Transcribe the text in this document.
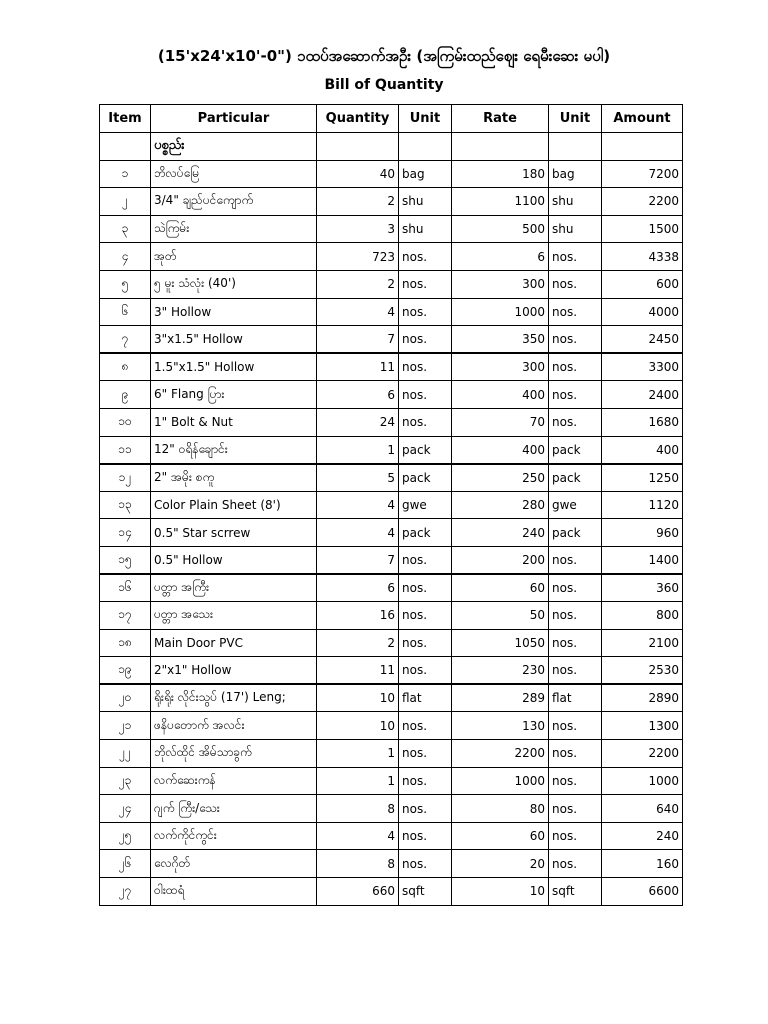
(15'x24'x10'-0") ၁ထပ်အဆောက်အဦး (အကြမ်းထည်ဈေး ရေမီးဆေး မပါ)
Bill of Quantity
Item	Particular	Quantity	Unit	Rate	Unit	Amount
	ပစ္စည်း					
၁	ဘိလပ်မြေ	40	bag	180	bag	7200
၂	3/4" ချည်ပင်ကျောက်	2	shu	1100	shu	2200
၃	သဲကြမ်း	3	shu	500	shu	1500
၄	အုတ်	723	nos.	6	nos.	4338
၅	၅ မူး သံလုံး (40')	2	nos.	300	nos.	600
၆	3" Hollow	4	nos.	1000	nos.	4000
၇	3"x1.5" Hollow	7	nos.	350	nos.	2450
၈	1.5"x1.5" Hollow	11	nos.	300	nos.	3300
၉	6" Flang ပြား	6	nos.	400	nos.	2400
၁၀	1" Bolt & Nut	24	nos.	70	nos.	1680
၁၁	12" ဝရိန်ချောင်း	1	pack	400	pack	400
၁၂	2" အမိုး စကူ	5	pack	250	pack	1250
၁၃	Color Plain Sheet (8')	4	gwe	280	gwe	1120
၁၄	0.5" Star scrrew	4	pack	240	pack	960
၁၅	0.5" Hollow	7	nos.	200	nos.	1400
၁၆	ပတ္တာ အကြီး	6	nos.	60	nos.	360
၁၇	ပတ္တာ အသေး	16	nos.	50	nos.	800
၁၈	Main Door PVC	2	nos.	1050	nos.	2100
၁၉	2"x1" Hollow	11	nos.	230	nos.	2530
၂၀	ရိုးရိုး လိုင်းသွပ် (17') Leng;	10	flat	289	flat	2890
၂၁	ဖနိပတောက် အလင်း	10	nos.	130	nos.	1300
၂၂	ဘိုလ်ထိုင် အိမ်သာခွက်	1	nos.	2200	nos.	2200
၂၃	လက်ဆေးကန်	1	nos.	1000	nos.	1000
၂၄	ဂျက် ကြီး/သေး	8	nos.	80	nos.	640
၂၅	လက်ကိုင်ကွင်း	4	nos.	60	nos.	240
၂၆	လေဂိုတ်	8	nos.	20	nos.	160
၂၇	ဝါးထရံ	660	sqft	10	sqft	6600
